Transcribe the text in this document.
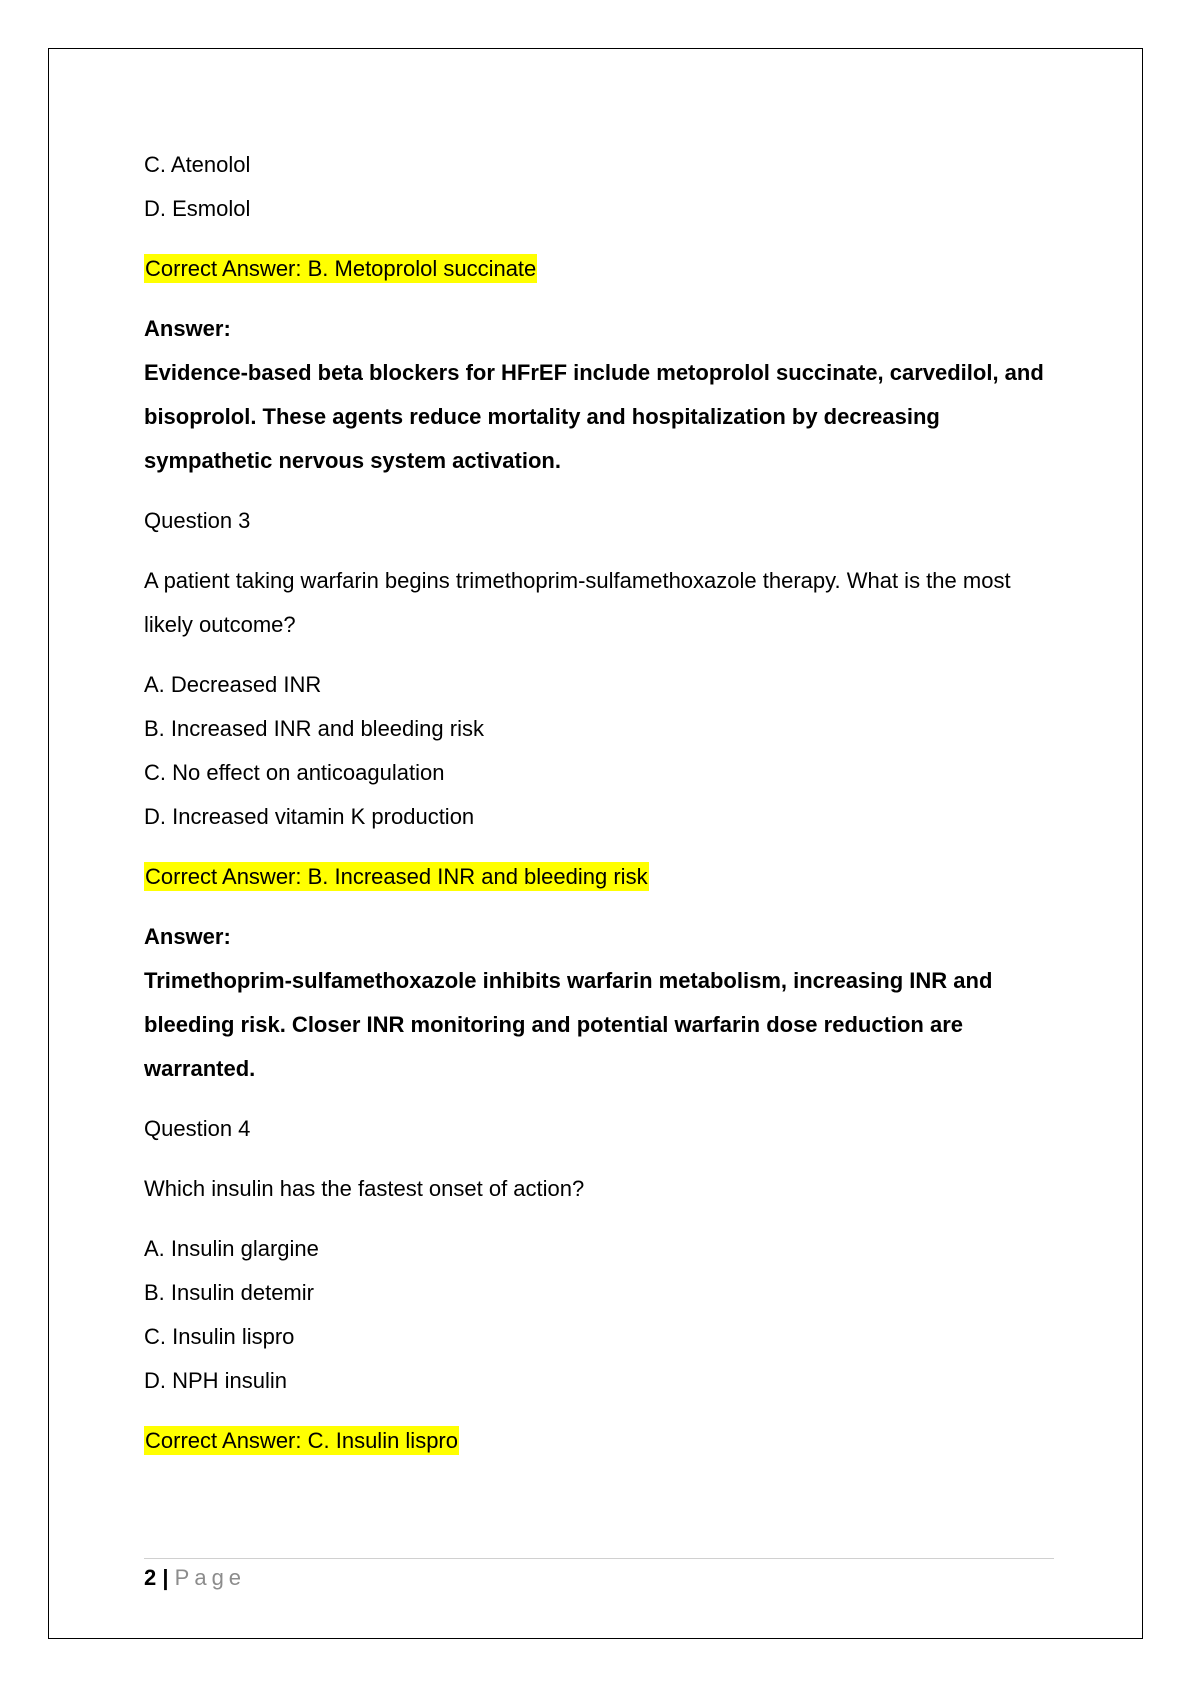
C. Atenolol
D. Esmolol
Correct Answer: B. Metoprolol succinate
Answer:
Evidence-based beta blockers for HFrEF include metoprolol succinate, carvedilol, and bisoprolol. These agents reduce mortality and hospitalization by decreasing sympathetic nervous system activation.
Question 3
A patient taking warfarin begins trimethoprim-sulfamethoxazole therapy. What is the most likely outcome?
A. Decreased INR
B. Increased INR and bleeding risk
C. No effect on anticoagulation
D. Increased vitamin K production
Correct Answer: B. Increased INR and bleeding risk
Answer:
Trimethoprim-sulfamethoxazole inhibits warfarin metabolism, increasing INR and bleeding risk. Closer INR monitoring and potential warfarin dose reduction are warranted.
Question 4
Which insulin has the fastest onset of action?
A. Insulin glargine
B. Insulin detemir
C. Insulin lispro
D. NPH insulin
Correct Answer: C. Insulin lispro
2 | Page
